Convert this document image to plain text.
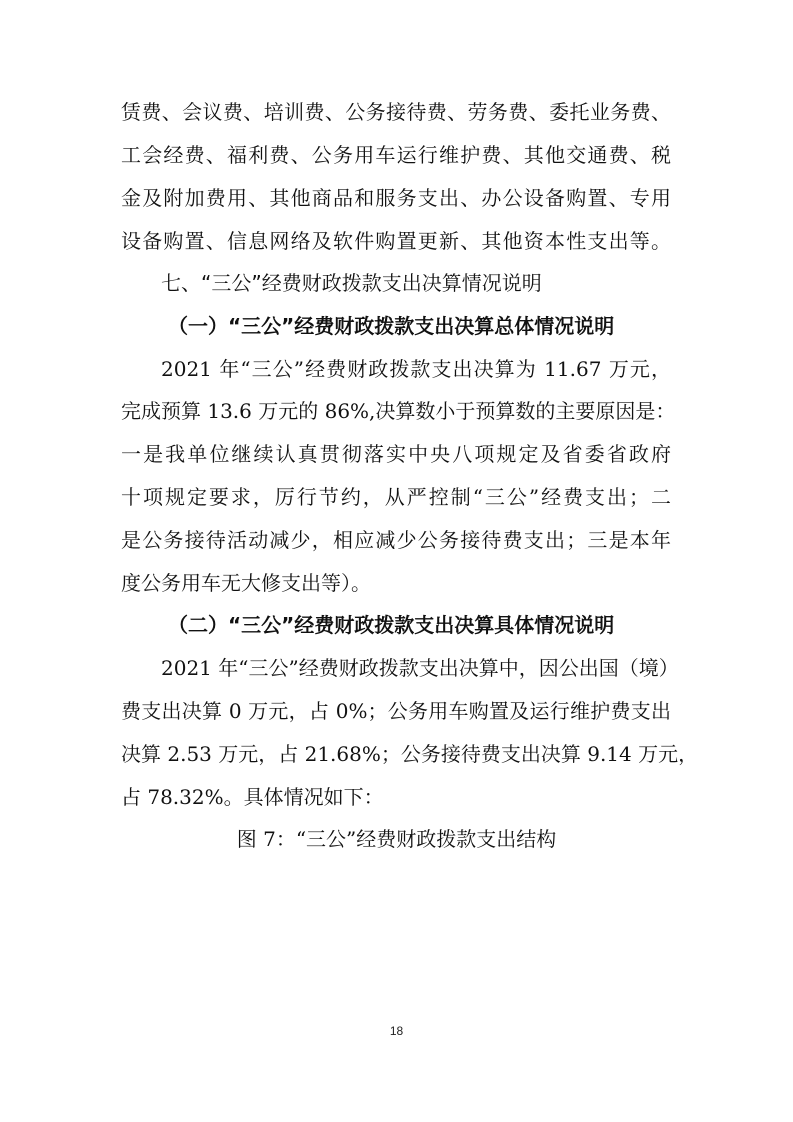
赁费、会议费、培训费、公务接待费、劳务费、委托业务费、

工会经费、福利费、公务用车运行维护费、其他交通费、税

金及附加费用、其他商品和服务支出、办公设备购置、专用

设备购置、信息网络及软件购置更新、其他资本性支出等。

七、“三公”经费财政拨款支出决算情况说明
（一）“三公”经费财政拨款支出决算总体情况说明

2021 年“三公”经费财政拨款支出决算为 11.67 万元，

完成预算 13.6 万元的 86%,决算数小于预算数的主要原因是：

一是我单位继续认真贯彻落实中央八项规定及省委省政府

十项规定要求，厉行节约，从严控制“三公”经费支出；二

是公务接待活动减少，相应减少公务接待费支出；三是本年

度公务用车无大修支出等）。

（二）“三公”经费财政拨款支出决算具体情况说明

2021 年“三公”经费财政拨款支出决算中，因公出国（境）

费支出决算 0 万元，占 0%；公务用车购置及运行维护费支出

决算 2.53 万元，占 21.68%；公务接待费支出决算 9.14 万元，

占 78.32%。具体情况如下：

图 7：“三公”经费财政拨款支出结构

18
